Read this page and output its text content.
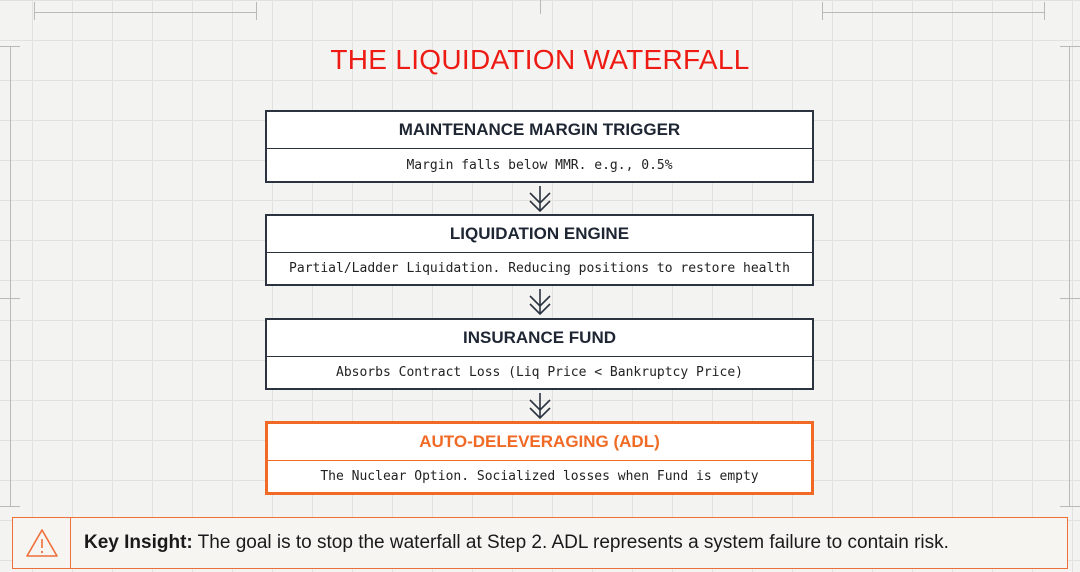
THE LIQUIDATION WATERFALL
MAINTENANCE MARGIN TRIGGER
Margin falls below MMR. e.g., 0.5%
LIQUIDATION ENGINE
Partial/Ladder Liquidation. Reducing positions to restore health
INSURANCE FUND
Absorbs Contract Loss (Liq Price < Bankruptcy Price)
AUTO-DELEVERAGING (ADL)
The Nuclear Option. Socialized losses when Fund is empty
Key Insight: The goal is to stop the waterfall at Step 2. ADL represents a system failure to contain risk.
